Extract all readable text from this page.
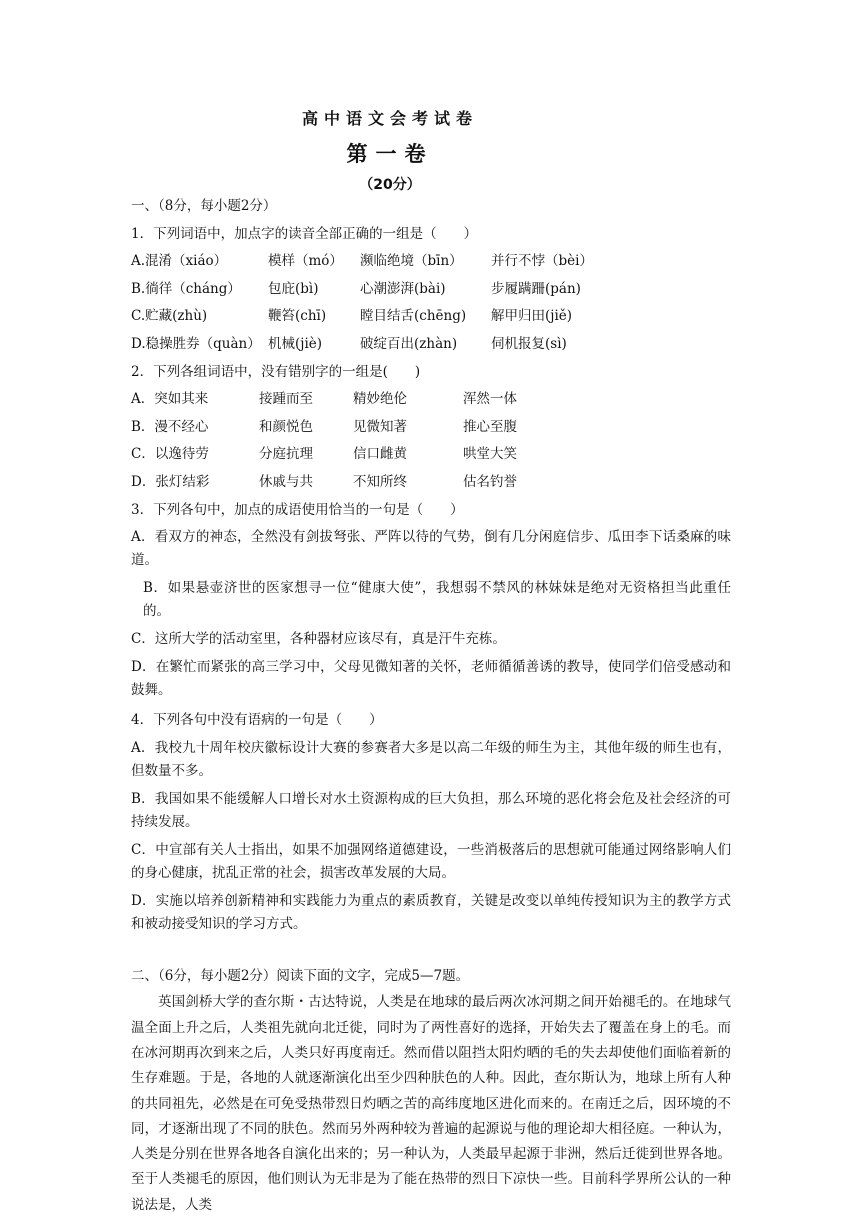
高中语文会考试卷
第一卷
（20分）
一、（8分，每小题2分）
1．下列词语中，加点字的读音全部正确的一组是（　　）
A.混淆（xiáo）	模样（mó） 濒临绝境（bīn） 并行不悖（bèi）
B.徜徉（cháng） 包庇(bì)	心潮澎湃(bài)	步履蹒跚(pán)
C.贮藏(zhù)	鞭笞(chī)	瞠目结舌(chēng) 解甲归田(jiě)
D.稳操胜券（quàn） 机械(jiè)	破绽百出(zhàn)	伺机报复(sì)
2．下列各组词语中，没有错别字的一组是(　　)
A．突如其来	接踵而至	精妙绝伦	浑然一体
B．漫不经心	和颜悦色	见微知著	推心至腹
C．以逸待劳	分庭抗理	信口雌黄	哄堂大笑
D．张灯结彩	休戚与共	不知所终	估名钓誉
3．下列各句中，加点的成语使用恰当的一句是（　　）
A．看双方的神态，全然没有剑拔弩张、严阵以待的气势，倒有几分闲庭信步、瓜田李下话桑麻的味道。
B．如果悬壶济世的医家想寻一位“健康大使”，我想弱不禁风的林妹妹是绝对无资格担当此重任的。
C．这所大学的活动室里，各种器材应该尽有，真是汗牛充栋。
D．在繁忙而紧张的高三学习中，父母见微知著的关怀，老师循循善诱的教导，使同学们倍受感动和鼓舞。
4．下列各句中没有语病的一句是（　　）
A．我校九十周年校庆徽标设计大赛的参赛者大多是以高二年级的师生为主，其他年级的师生也有，但数量不多。
B．我国如果不能缓解人口增长对水土资源构成的巨大负担，那么环境的恶化将会危及社会经济的可持续发展。
C．中宣部有关人士指出，如果不加强网络道德建设，一些消极落后的思想就可能通过网络影响人们的身心健康，扰乱正常的社会，损害改革发展的大局。
D．实施以培养创新精神和实践能力为重点的素质教育，关键是改变以单纯传授知识为主的教学方式和被动接受知识的学习方式。
二、（6分，每小题2分）阅读下面的文字，完成5—7题。
英国剑桥大学的查尔斯・古达特说，人类是在地球的最后两次冰河期之间开始褪毛的。在地球气温全面上升之后，人类祖先就向北迁徙，同时为了两性喜好的选择，开始失去了覆盖在身上的毛。而在冰河期再次到来之后，人类只好再度南迁。然而借以阻挡太阳灼晒的毛的失去却使他们面临着新的生存难题。于是，各地的人就逐渐演化出至少四种肤色的人种。因此，查尔斯认为，地球上所有人种的共同祖先，必然是在可免受热带烈日灼晒之苦的高纬度地区进化而来的。在南迁之后，因环境的不同，才逐渐出现了不同的肤色。然而另外两种较为普遍的起源说与他的理论却大相径庭。一种认为，人类是分别在世界各地各自演化出来的；另一种认为，人类最早起源于非洲，然后迁徙到世界各地。至于人类褪毛的原因，他们则认为无非是为了能在热带的烈日下凉快一些。目前科学界所公认的一种说法是，人类
